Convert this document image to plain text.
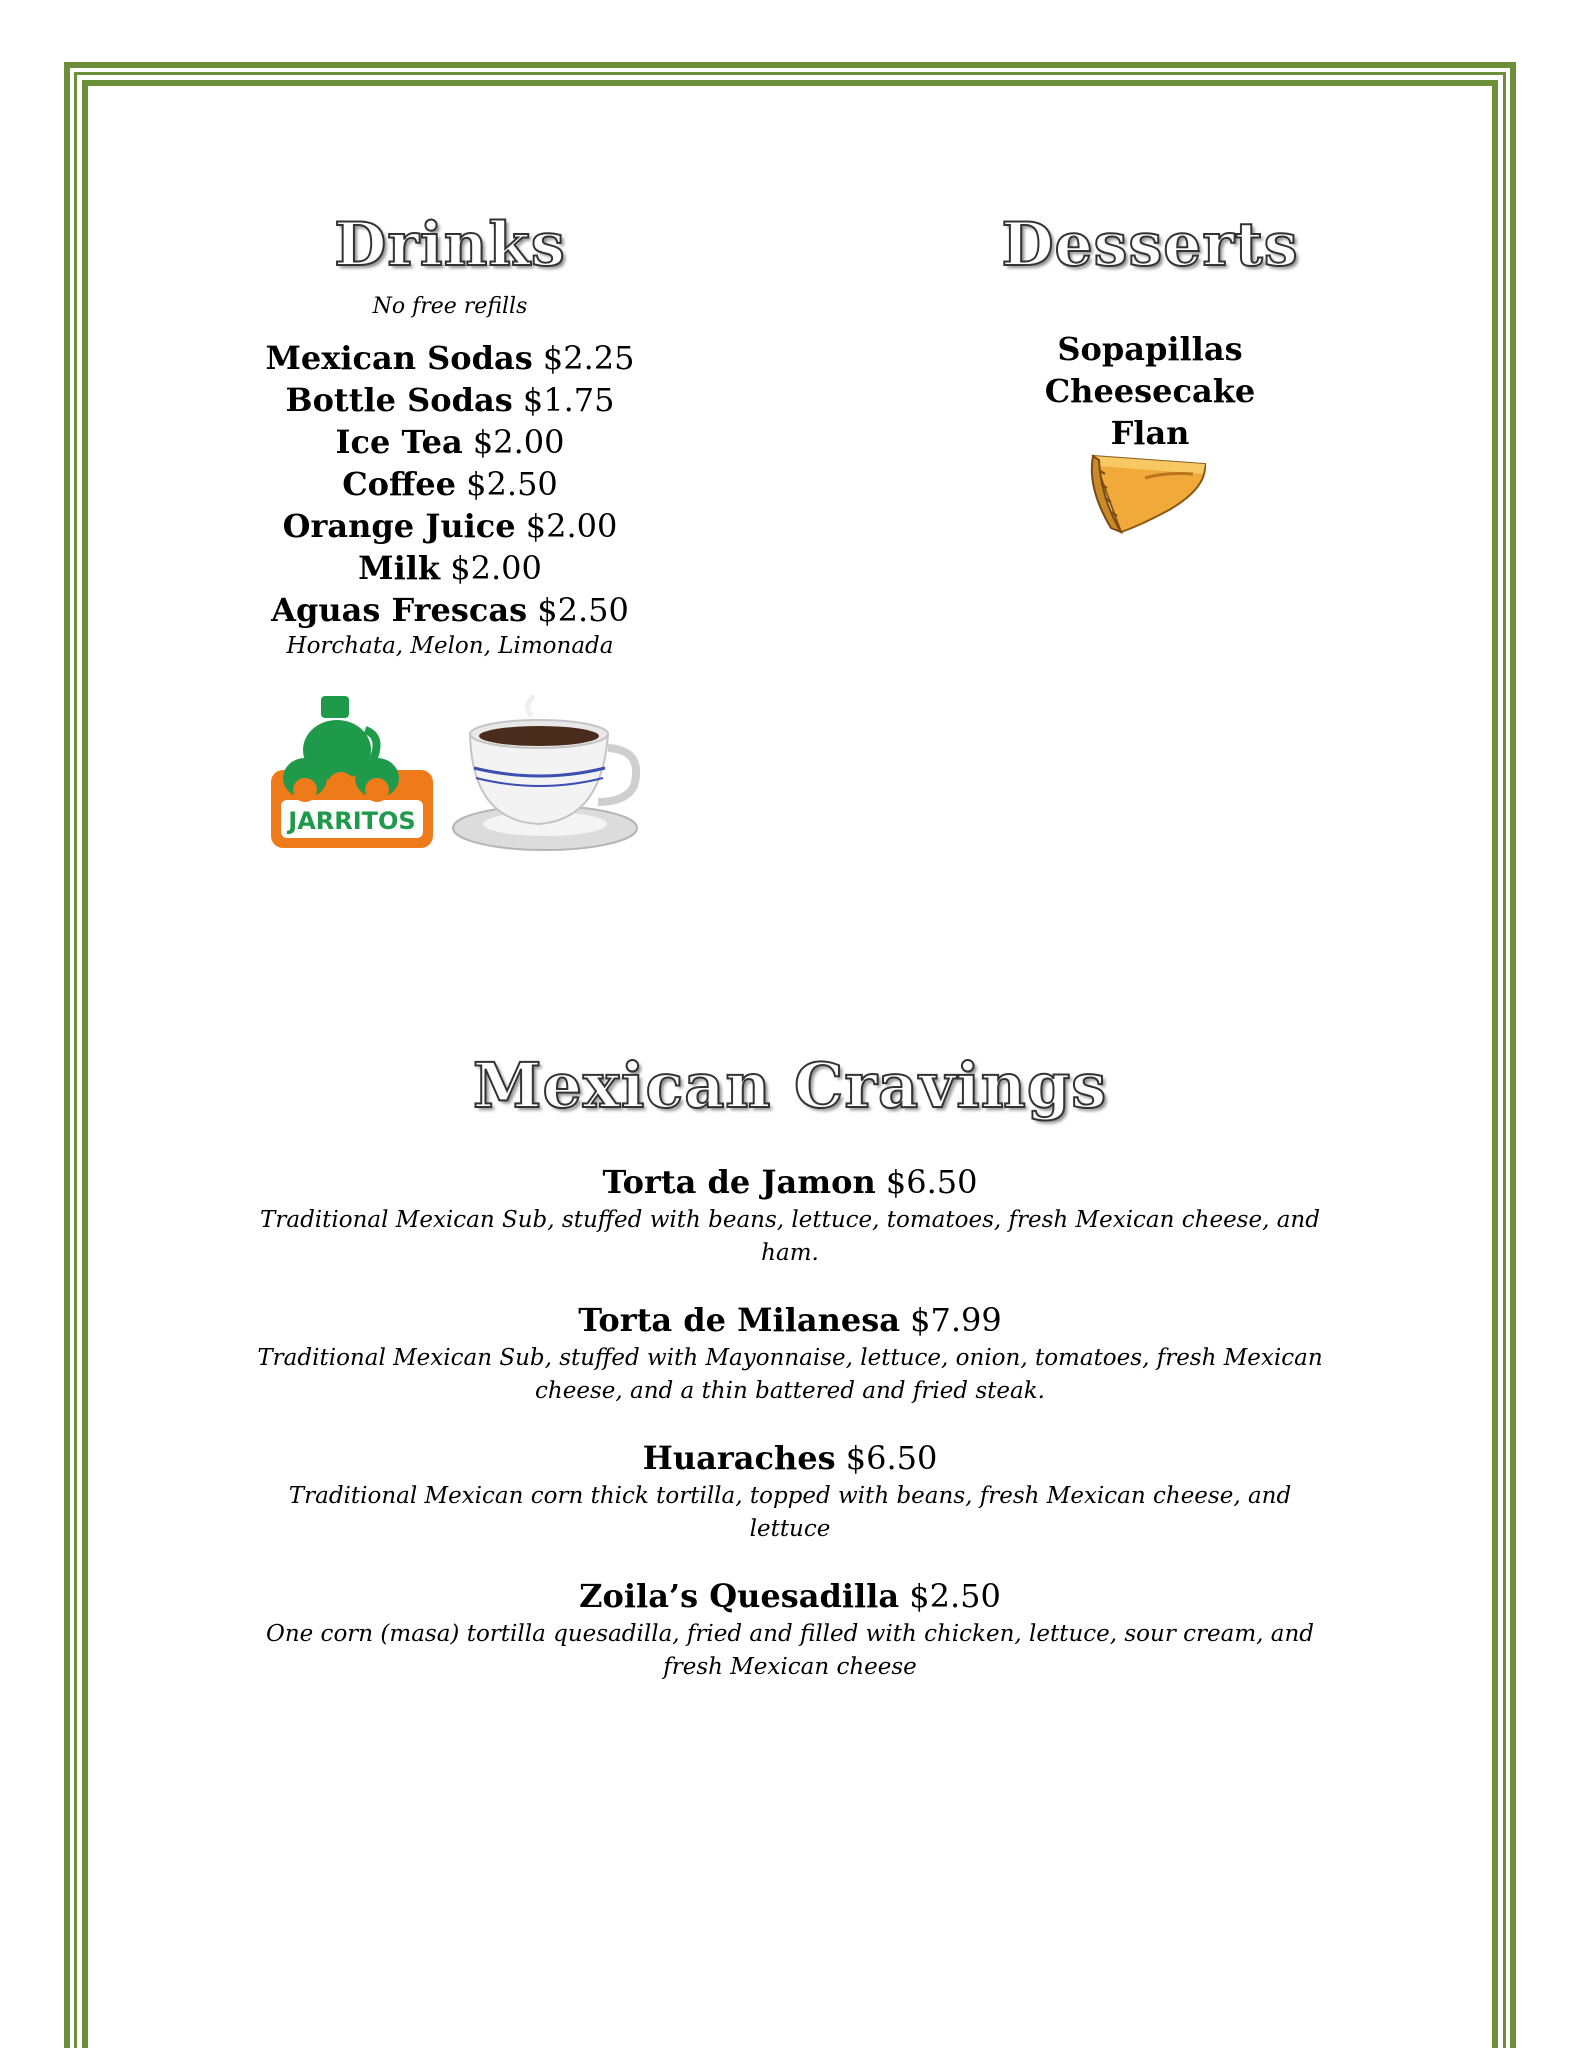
Drinks
No free refills
Mexican Sodas $2.25
Bottle Sodas $1.75
Ice Tea $2.00
Coffee $2.50
Orange Juice $2.00
Milk $2.00
Aguas Frescas $2.50
Horchata, Melon, Limonada
JARRITOS
Desserts
Sopapillas
Cheesecake
Flan
Mexican Cravings
Torta de Jamon $6.50
Traditional Mexican Sub, stuffed with beans, lettuce, tomatoes, fresh Mexican cheese, and ham.
Torta de Milanesa $7.99
Traditional Mexican Sub, stuffed with Mayonnaise, lettuce, onion, tomatoes, fresh Mexican cheese, and a thin battered and fried steak.
Huaraches $6.50
Traditional Mexican corn thick tortilla, topped with beans, fresh Mexican cheese, and lettuce
Zoila’s Quesadilla $2.50
One corn (masa) tortilla quesadilla, fried and filled with chicken, lettuce, sour cream, and fresh Mexican cheese
